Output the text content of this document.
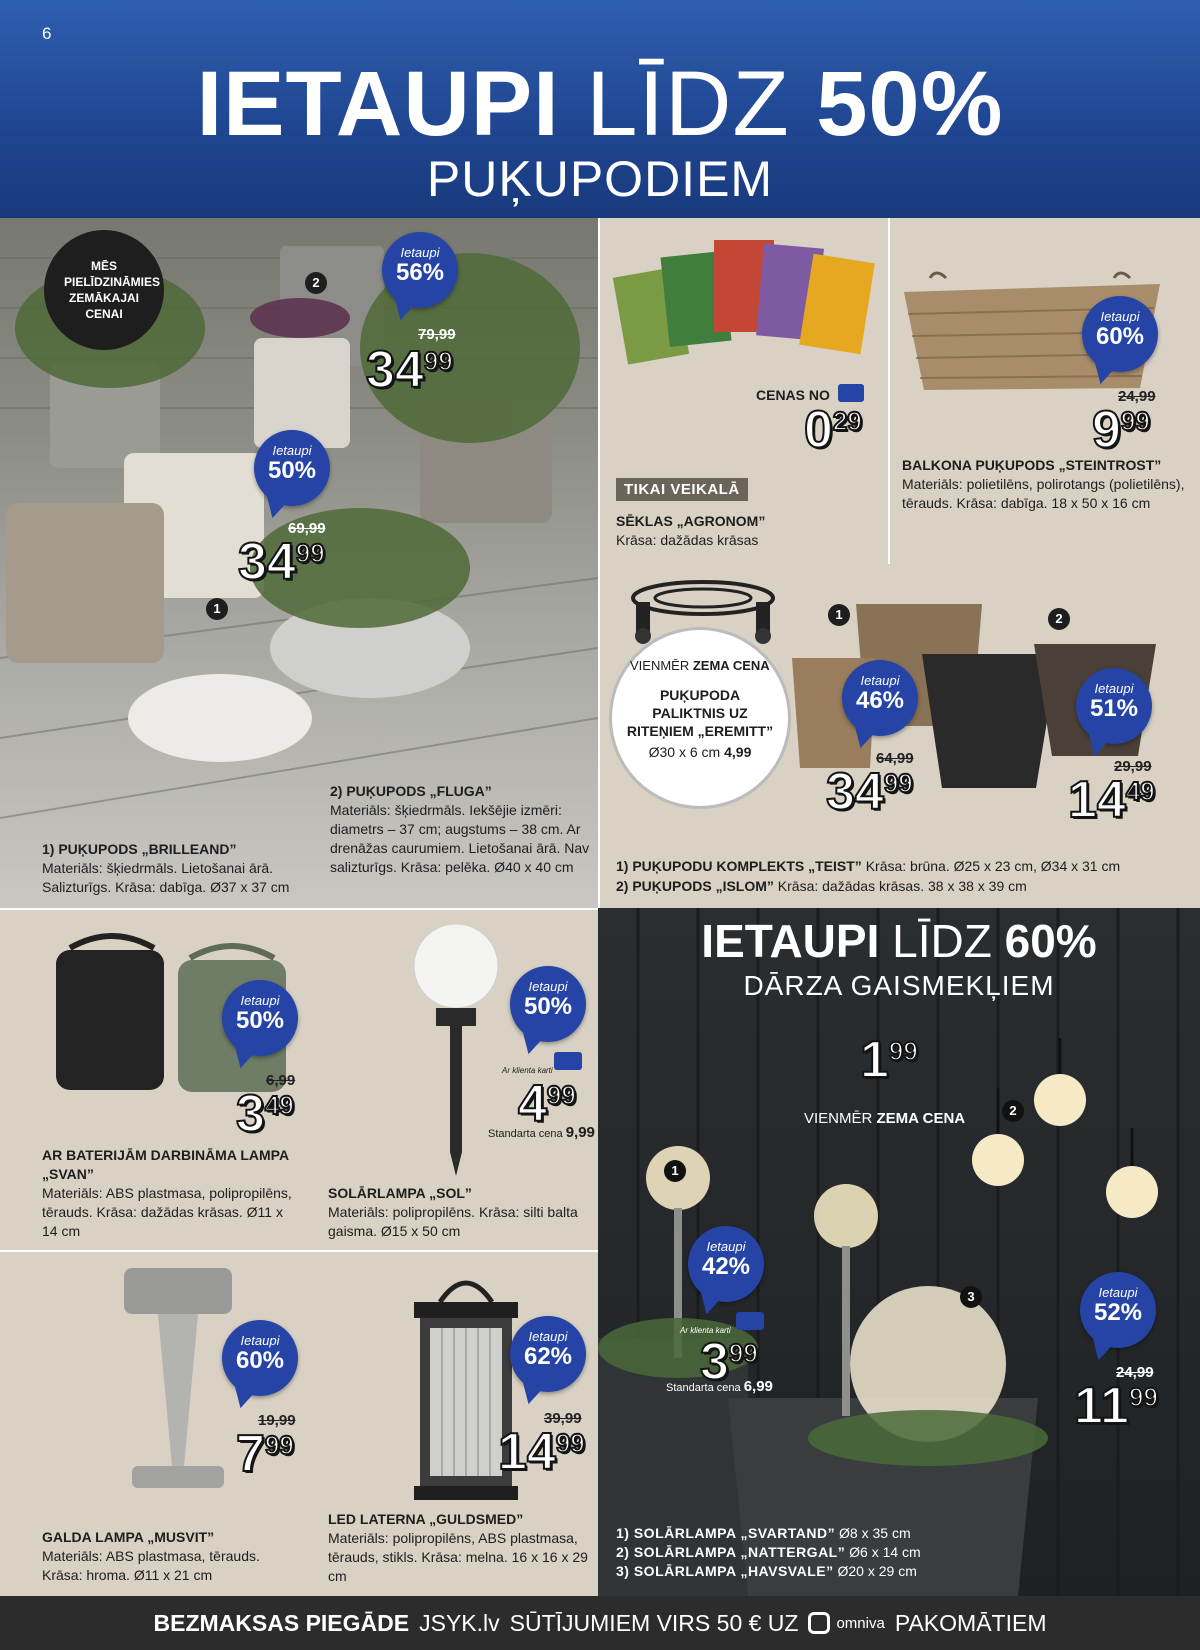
6
IETAUPI LĪDZ 50%
PUĶUPODIEM
MĒS PIELĪDZINĀMIES ZEMĀKAJAI CENAI
2
Ietaupi
56%
79,99
$34^{99}$
Ietaupi
50%
69,99
$34^{99}$
1
1) PUĶUPODS „BRILLEAND”
Materiāls: šķiedrmāls. Lietošanai ārā. Salizturīgs. Krāsa: dabīga. Ø37 x 37 cm
2) PUĶUPODS „FLUGA”
Materiāls: šķiedrmāls. Iekšējie izmēri: diametrs – 37 cm; augstums – 38 cm. Ar drenāžas caurumiem. Lietošanai ārā. Nav salizturīgs. Krāsa: pelēka. Ø40 x 40 cm
CENAS NO
$0^{29}$
TIKAI VEIKALĀ
SĒKLAS „AGRONOM”
Krāsa: dažādas krāsas
Ietaupi
60%
24,99
$9^{99}$
BALKONA PUĶUPODS „STEINTROST”
Materiāls: polietilēns, polirotangs (polietilēns), tērauds. Krāsa: dabīga. 18 x 50 x 16 cm
VIENMĒR ZEMA CENA
PUĶUPODA PALIKTNIS UZ RITEŅIEM „EREMITT”
Ø30 x 6 cm 4,99
1	2
Ietaupi
46%
64,99
$34^{99}$
Ietaupi
51%
29,99
$14^{49}$
1) PUĶUPODU KOMPLEKTS „TEIST” Krāsa: brūna. Ø25 x 23 cm, Ø34 x 31 cm
2) PUĶUPODS „ISLOM” Krāsa: dažādas krāsas. 38 x 38 x 39 cm
Ietaupi
50%
6,99
$3^{49}$
AR BATERIJĀM DARBINĀMA LAMPA „SVAN”
Materiāls: ABS plastmasa, polipropilēns, tērauds. Krāsa: dažādas krāsas. Ø11 x 14 cm
Ietaupi
50%
Ar klienta karti
$4^{99}$
Standarta cena 9,99
SOLĀRLAMPA „SOL”
Materiāls: polipropilēns. Krāsa: silti balta gaisma. Ø15 x 50 cm
Ietaupi
60%
19,99
$7^{99}$
GALDA LAMPA „MUSVIT”
Materiāls: ABS plastmasa, tērauds. Krāsa: hroma. Ø11 x 21 cm
Ietaupi
62%
39,99
$14^{99}$
LED LATERNA „GULDSMED”
Materiāls: polipropilēns, ABS plastmasa, tērauds, stikls. Krāsa: melna. 16 x 16 x 29 cm
IETAUPI LĪDZ 60%
DĀRZA GAISMEKĻIEM
$1^{99}$
VIENMĒR ZEMA CENA	2
1
Ietaupi
42%
Ar klienta karti
$3^{99}$
Standarta cena 6,99
3	Ietaupi
52%
24,99
$11^{99}$
1) SOLĀRLAMPA „SVARTAND” Ø8 x 35 cm
2) SOLĀRLAMPA „NATTERGAL” Ø6 x 14 cm
3) SOLĀRLAMPA „HAVSVALE” Ø20 x 29 cm
BEZMAKSAS PIEGĀDE JSYK.lv SŪTĪJUMIEM VIRS 50 € UZ	omniva PAKOMĀTIEM
